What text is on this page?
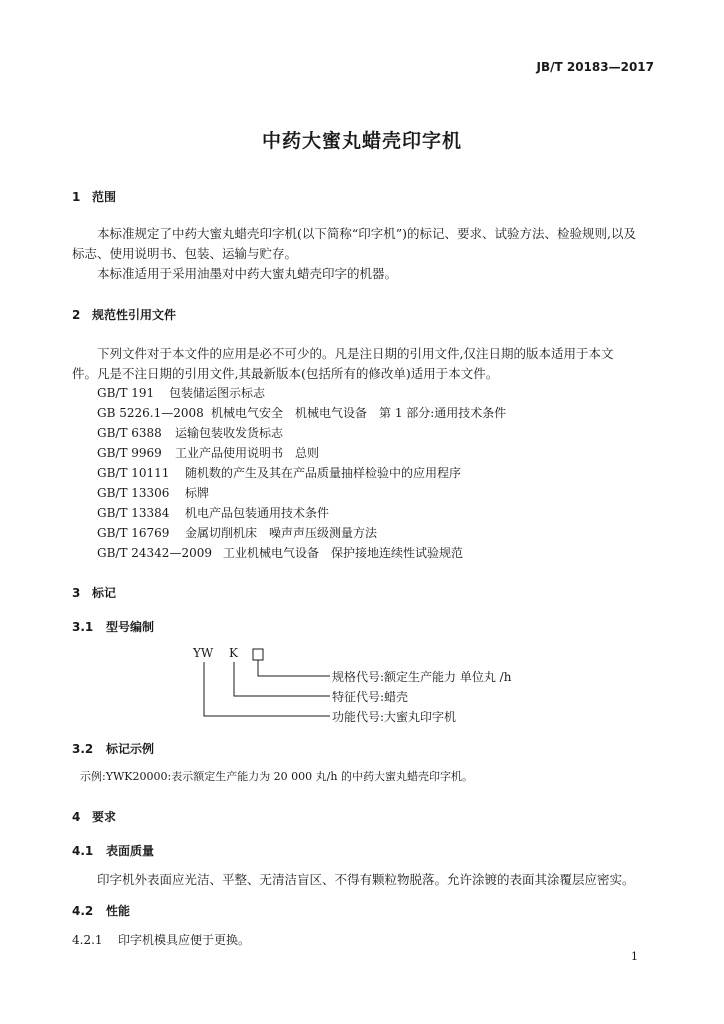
JB/T 20183—2017
中药大蜜丸蜡壳印字机
1 范围
本标准规定了中药大蜜丸蜡壳印字机(以下简称“印字机”)的标记、要求、试验方法、检验规则,以及
标志、使用说明书、包装、运输与贮存。
本标准适用于采用油墨对中药大蜜丸蜡壳印字的机器。
2 规范性引用文件
下列文件对于本文件的应用是必不可少的。凡是注日期的引用文件,仅注日期的版本适用于本文
件。凡是不注日期的引用文件,其最新版本(包括所有的修改单)适用于本文件。
GB/T 191 包装储运图示标志
GB 5226.1—2008 机械电气安全　机械电气设备　第 1 部分:通用技术条件
GB/T 6388 运输包装收发货标志
GB/T 9969 工业产品使用说明书　总则
GB/T 10111 随机数的产生及其在产品质量抽样检验中的应用程序
GB/T 13306 标牌
GB/T 13384 机电产品包装通用技术条件
GB/T 16769 金属切削机床　噪声声压级测量方法
GB/T 24342—2009 工业机械电气设备　保护接地连续性试验规范
3 标记
3.1 型号编制
YW K
规格代号:额定生产能力 单位丸 /h
特征代号:蜡壳
功能代号:大蜜丸印字机
3.2 标记示例
示例:YWK20000:表示额定生产能力为 20 000 丸/h 的中药大蜜丸蜡壳印字机。
4 要求
4.1 表面质量
印字机外表面应光洁、平整、无清洁盲区、不得有颗粒物脱落。允许涂镀的表面其涂覆层应密实。
4.2 性能
4.2.1 印字机模具应便于更换。
1
